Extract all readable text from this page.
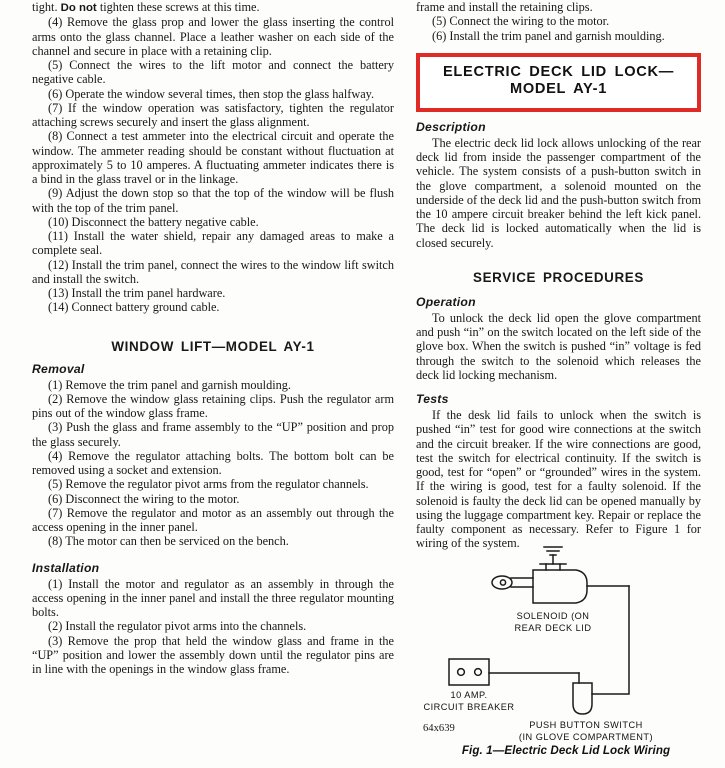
tight. Do not tighten these screws at this time.

(4) Remove the glass prop and lower the glass inserting the control arms onto the glass channel. Place a leather washer on each side of the channel and secure in place with a retaining clip.

(5) Connect the wires to the lift motor and connect the battery negative cable.

(6) Operate the window several times, then stop the glass halfway.

(7) If the window operation was satisfactory, tighten the regulator attaching screws securely and insert the glass alignment.

(8) Connect a test ammeter into the electrical circuit and operate the window. The ammeter reading should be constant without fluctuation at approximately 5 to 10 amperes. A fluctuating ammeter indicates there is a bind in the glass travel or in the linkage.

(9) Adjust the down stop so that the top of the window will be flush with the top of the trim panel.

(10) Disconnect the battery negative cable.

(11) Install the water shield, repair any damaged areas to make a complete seal.

(12) Install the trim panel, connect the wires to the window lift switch and install the switch.

(13) Install the trim panel hardware.

(14) Connect battery ground cable.

WINDOW LIFT—MODEL AY-1
Removal

(1) Remove the trim panel and garnish moulding.

(2) Remove the window glass retaining clips. Push the regulator arm pins out of the window glass frame.

(3) Push the glass and frame assembly to the “UP” position and prop the glass securely.

(4) Remove the regulator attaching bolts. The bottom bolt can be removed using a socket and extension.

(5) Remove the regulator pivot arms from the regulator channels.

(6) Disconnect the wiring to the motor.

(7) Remove the regulator and motor as an assembly out through the access opening in the inner panel.

(8) The motor can then be serviced on the bench.

Installation

(1) Install the motor and regulator as an assembly in through the access opening in the inner panel and install the three regulator mounting bolts.

(2) Install the regulator pivot arms into the channels.

(3) Remove the prop that held the window glass and frame in the “UP” position and lower the assembly down until the regulator pins are in line with the openings in the window glass frame.

frame and install the retaining clips.

(5) Connect the wiring to the motor.

(6) Install the trim panel and garnish moulding.

ELECTRIC DECK LID LOCK—
MODEL AY-1
Description

The electric deck lid lock allows unlocking of the rear deck lid from inside the passenger compartment of the vehicle. The system consists of a push-button switch in the glove compartment, a solenoid mounted on the underside of the deck lid and the push-button switch from the 10 ampere circuit breaker behind the left kick panel. The deck lid is locked automatically when the lid is closed securely.

SERVICE PROCEDURES
Operation

To unlock the deck lid open the glove compartment and push “in” on the switch located on the left side of the glove box. When the switch is pushed “in” voltage is fed through the switch to the solenoid which releases the deck lid locking mechanism.

Tests

If the desk lid fails to unlock when the switch is pushed “in” test for good wire connections at the switch and the circuit breaker. If the wire connections are good, test the switch for electrical continuity. If the switch is good, test for “open” or “grounded” wires in the system. If the wiring is good, test for a faulty solenoid. If the solenoid is faulty the deck lid can be opened manually by using the luggage compartment key. Repair or replace the faulty component as necessary. Refer to Figure 1 for wiring of the system.

SOLENOID (ON
REAR DECK LID
10 AMP.
CIRCUIT BREAKER
PUSH BUTTON SWITCH
(IN GLOVE COMPARTMENT)
64x639
Fig. 1—Electric Deck Lid Lock Wiring
